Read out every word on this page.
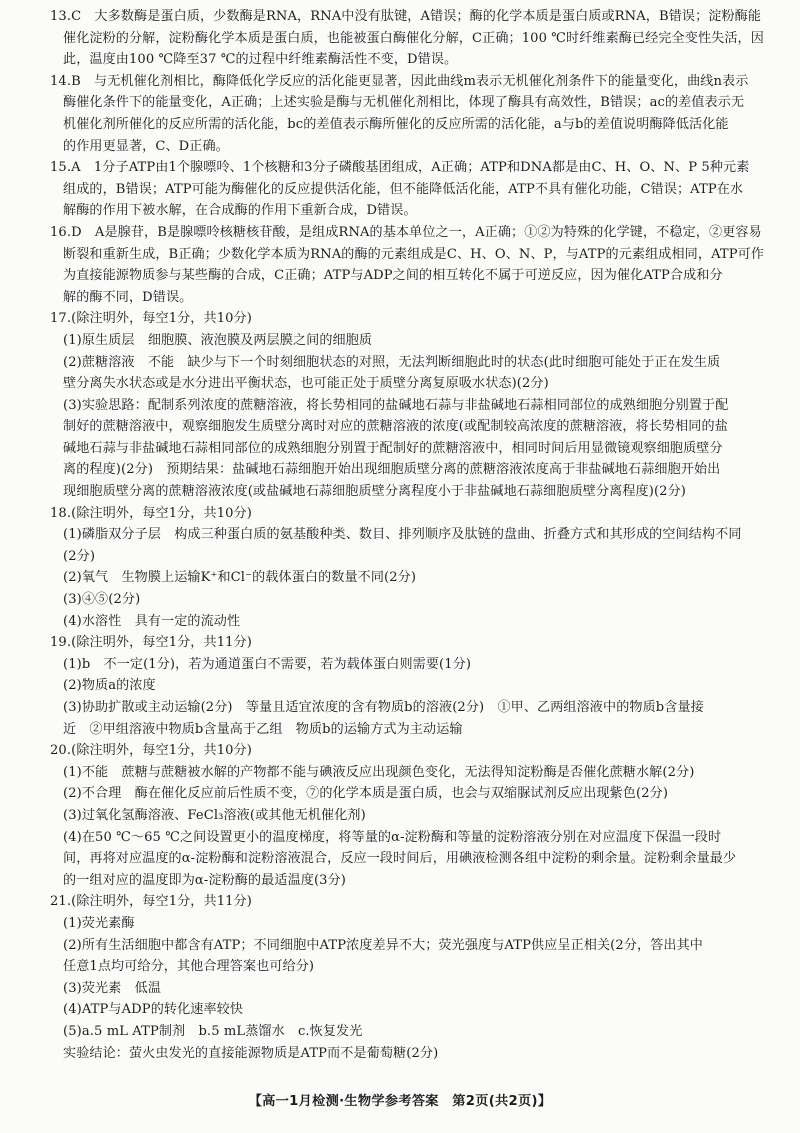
13.C　大多数酶是蛋白质，少数酶是RNA，RNA中没有肽键，A错误；酶的化学本质是蛋白质或RNA，B错误；淀粉酶能
催化淀粉的分解，淀粉酶化学本质是蛋白质，也能被蛋白酶催化分解，C正确；100 ℃时纤维素酶已经完全变性失活，因
此，温度由100 ℃降至37 ℃的过程中纤维素酶活性不变，D错误。
14.B　与无机催化剂相比，酶降低化学反应的活化能更显著，因此曲线m表示无机催化剂条件下的能量变化，曲线n表示
酶催化条件下的能量变化，A正确；上述实验是酶与无机催化剂相比，体现了酶具有高效性，B错误；ac的差值表示无
机催化剂所催化的反应所需的活化能，bc的差值表示酶所催化的反应所需的活化能，a与b的差值说明酶降低活化能
的作用更显著，C、D正确。
15.A　1分子ATP由1个腺嘌呤、1个核糖和3分子磷酸基团组成，A正确；ATP和DNA都是由C、H、O、N、P 5种元素
组成的，B错误；ATP可能为酶催化的反应提供活化能，但不能降低活化能，ATP不具有催化功能，C错误；ATP在水
解酶的作用下被水解，在合成酶的作用下重新合成，D错误。
16.D　A是腺苷，B是腺嘌呤核糖核苷酸，是组成RNA的基本单位之一，A正确；①②为特殊的化学键，不稳定，②更容易
断裂和重新生成，B正确；少数化学本质为RNA的酶的元素组成是C、H、O、N、P，与ATP的元素组成相同，ATP可作
为直接能源物质参与某些酶的合成，C正确；ATP与ADP之间的相互转化不属于可逆反应，因为催化ATP合成和分
解的酶不同，D错误。
17.(除注明外，每空1分，共10分)
(1)原生质层　细胞膜、液泡膜及两层膜之间的细胞质
(2)蔗糖溶液　不能　缺少与下一个时刻细胞状态的对照，无法判断细胞此时的状态(此时细胞可能处于正在发生质
壁分离失水状态或是水分进出平衡状态，也可能正处于质壁分离复原吸水状态)(2分)
(3)实验思路：配制系列浓度的蔗糖溶液，将长势相同的盐碱地石蒜与非盐碱地石蒜相同部位的成熟细胞分别置于配
制好的蔗糖溶液中，观察细胞发生质壁分离时对应的蔗糖溶液的浓度(或配制较高浓度的蔗糖溶液，将长势相同的盐
碱地石蒜与非盐碱地石蒜相同部位的成熟细胞分别置于配制好的蔗糖溶液中，相同时间后用显微镜观察细胞质壁分
离的程度)(2分)　预期结果：盐碱地石蒜细胞开始出现细胞质壁分离的蔗糖溶液浓度高于非盐碱地石蒜细胞开始出
现细胞质壁分离的蔗糖溶液浓度(或盐碱地石蒜细胞质壁分离程度小于非盐碱地石蒜细胞质壁分离程度)(2分)
18.(除注明外，每空1分，共10分)
(1)磷脂双分子层　构成三种蛋白质的氨基酸种类、数目、排列顺序及肽链的盘曲、折叠方式和其形成的空间结构不同
(2分)
(2)氧气　生物膜上运输K⁺和Cl⁻的载体蛋白的数量不同(2分)
(3)④⑤(2分)
(4)水溶性　具有一定的流动性
19.(除注明外，每空1分，共11分)
(1)b　不一定(1分)，若为通道蛋白不需要，若为载体蛋白则需要(1分)
(2)物质a的浓度
(3)协助扩散或主动运输(2分)　等量且适宜浓度的含有物质b的溶液(2分)　①甲、乙两组溶液中的物质b含量接
近　②甲组溶液中物质b含量高于乙组　物质b的运输方式为主动运输
20.(除注明外，每空1分，共10分)
(1)不能　蔗糖与蔗糖被水解的产物都不能与碘液反应出现颜色变化，无法得知淀粉酶是否催化蔗糖水解(2分)
(2)不合理　酶在催化反应前后性质不变，⑦的化学本质是蛋白质，也会与双缩脲试剂反应出现紫色(2分)
(3)过氧化氢酶溶液、FeCl₃溶液(或其他无机催化剂)
(4)在50 ℃～65 ℃之间设置更小的温度梯度，将等量的α-淀粉酶和等量的淀粉溶液分别在对应温度下保温一段时
间，再将对应温度的α-淀粉酶和淀粉溶液混合，反应一段时间后，用碘液检测各组中淀粉的剩余量。淀粉剩余量最少
的一组对应的温度即为α-淀粉酶的最适温度(3分)
21.(除注明外，每空1分，共11分)
(1)荧光素酶
(2)所有生活细胞中都含有ATP；不同细胞中ATP浓度差异不大；荧光强度与ATP供应呈正相关(2分，答出其中
任意1点均可给分，其他合理答案也可给分)
(3)荧光素　低温
(4)ATP与ADP的转化速率较快
(5)a.5 mL ATP制剂　b.5 mL蒸馏水　c.恢复发光
实验结论：萤火虫发光的直接能源物质是ATP而不是葡萄糖(2分)
【高一1月检测·生物学参考答案　第2页(共2页)】
